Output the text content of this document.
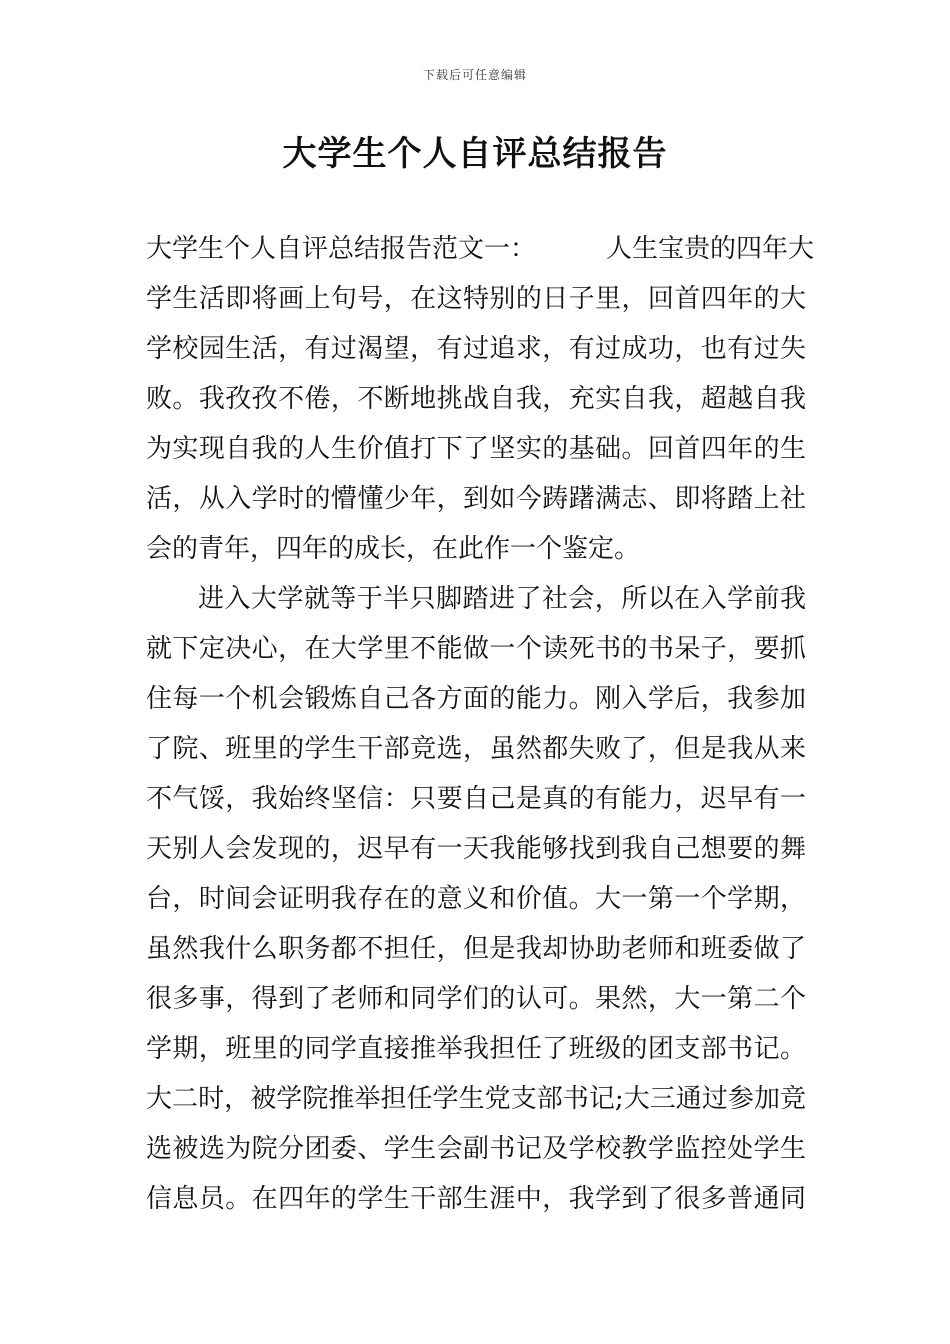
下载后可任意编辑
大学生个人自评总结报告
大学生个人自评总结报告范文一：	人生宝贵的四年大
学生活即将画上句号，在这特别的日子里，回首四年的大
学校园生活，有过渴望，有过追求，有过成功，也有过失
败。我孜孜不倦，不断地挑战自我，充实自我，超越自我
为实现自我的人生价值打下了坚实的基础。回首四年的生
活，从入学时的懵懂少年，到如今踌躇满志、即将踏上社
会的青年，四年的成长，在此作一个鉴定。
进入大学就等于半只脚踏进了社会，所以在入学前我
就下定决心，在大学里不能做一个读死书的书呆子，要抓
住每一个机会锻炼自己各方面的能力。刚入学后，我参加
了院、班里的学生干部竞选，虽然都失败了，但是我从来
不气馁，我始终坚信：只要自己是真的有能力，迟早有一
天别人会发现的，迟早有一天我能够找到我自己想要的舞
台，时间会证明我存在的意义和价值。大一第一个学期，
虽然我什么职务都不担任，但是我却协助老师和班委做了
很多事，得到了老师和同学们的认可。果然，大一第二个
学期，班里的同学直接推举我担任了班级的团支部书记。
大二时，被学院推举担任学生党支部书记;大三通过参加竞
选被选为院分团委、学生会副书记及学校教学监控处学生
信息员。在四年的学生干部生涯中，我学到了很多普通同
